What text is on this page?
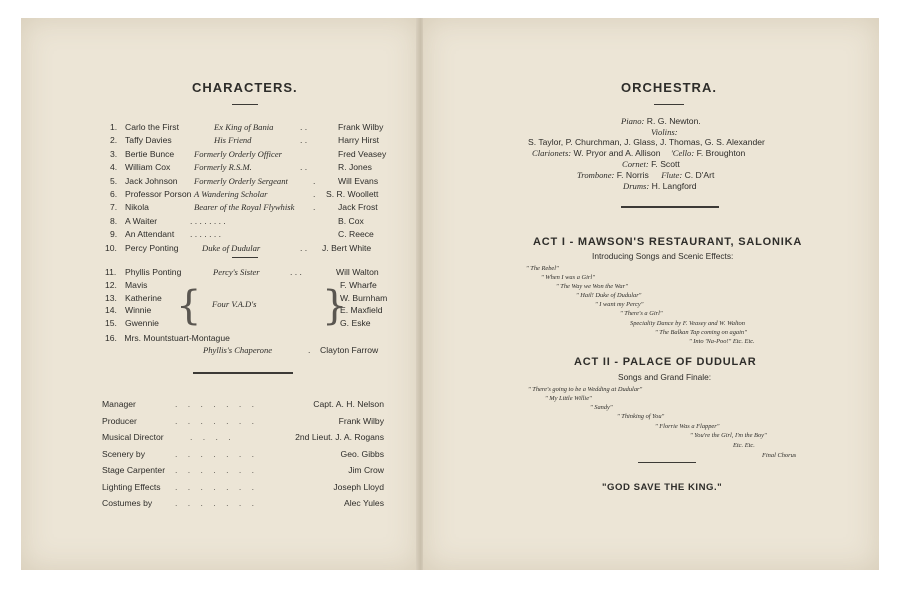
CHARACTERS.
1. Carlo the First	Ex King of Bania	. .	Frank Wilby
2. Taffy Davies	His Friend	. .	Harry Hirst
3. Bertie Bunce Formerly Orderly Officer	Fred Veasey
4. William Cox	Formerly R.S.M.	. .	R. Jones
5. Jack Johnson Formerly Orderly Sergeant	.	Will Evans
6. Professor Porson A Wandering Scholar	. S. R. Woollett
7. Nikola	Bearer of the Royal Flywhisk .	Jack Frost
8. A Waiter	. . . . . . . .	B. Cox
9. An Attendant . . . . . . .	C. Reece
10. Percy Ponting	Duke of Dudular	. . J. Bert White
11. Phyllis Ponting	Percy's Sister	. . .	Will Walton
12. Mavis	F. Wharfe
13. Katherine	W. Burnham
14. Winnie	E. Maxfield
15. Gwennie	G. Eske
{	}
Four V.A.D's
16. Mrs. Mountstuart-Montague
Phyllis's Chaperone	. Clayton Farrow
Manager	. . . . . . .	Capt. A. H. Nelson
Producer	. . . . . . .	Frank Wilby
Musical Director	. . . .	2nd Lieut. J. A. Rogans
Scenery by	. . . . . . .	Geo. Gibbs
Stage Carpenter . . . . . . .	Jim Crow
Lighting Effects . . . . . . .	Joseph Lloyd
Costumes by	. . . . . . .	Alec Yules
ORCHESTRA.
Piano: R. G. Newton.
Violins:
S. Taylor, P. Churchman, J. Glass, J. Thomas, G. S. Alexander
Clarionets: W. Pryor and A. Allison 'Cello: F. Broughton
Cornet: F. Scott
Trombone: F. Norris Flute: C. D'Art
Drums: H. Langford
ACT I - MAWSON'S RESTAURANT, SALONIKA
Introducing Songs and Scenic Effects:
" The Rebel"
" When I was a Girl"
" The Way we Won the War"
" Hail! Duke of Dudular"
" I want my Percy"
" There's a Girl"
Speciality Dance by F. Veasey and W. Walton
" The Balkan Tap coming on again"
" Into 'Na-Poo!" Etc. Etc.
ACT II - PALACE OF DUDULAR
Songs and Grand Finale:
" There's going to be a Wedding at Dudular"
" My Little Willie"
" Sandy"
" Thinking of You"
" Florrie Was a Flapper"
" You're the Girl, I'm the Boy"
Etc. Etc.
Final Chorus
"GOD SAVE THE KING."
